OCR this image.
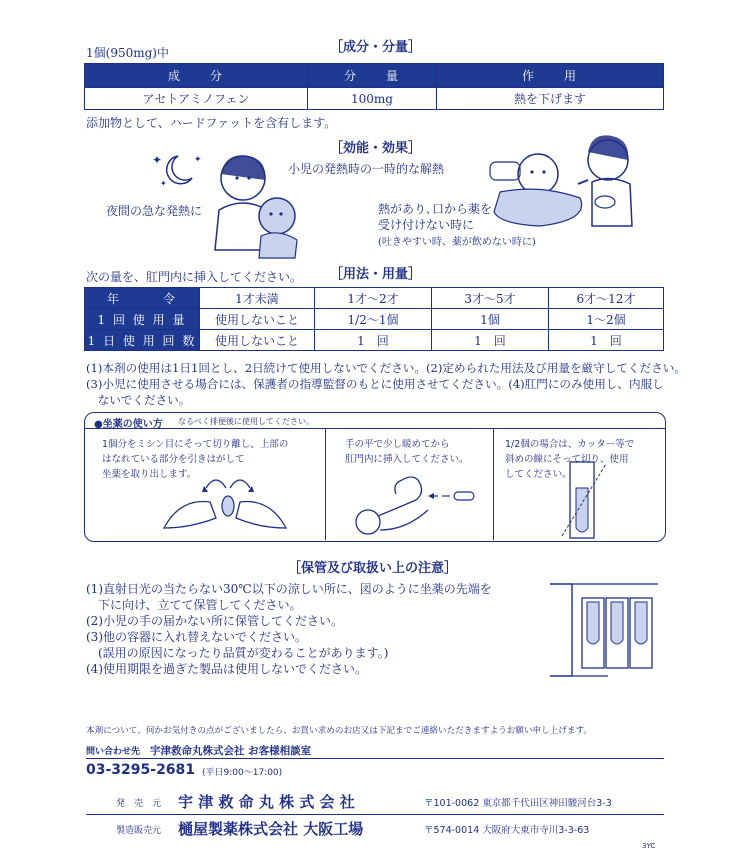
［成分・分量］
1個(950mg)中
成　　分	分　　量	作　　用
アセトアミノフェン	100mg	熱を下げます
添加物として、ハードファットを含有します。
［効能・効果］
小児の発熱時の一時的な解熱
✦	✦
✦
夜間の急な発熱に	熱があり､口から薬を
受け付けない時に
(吐きやすい時、薬が飲めない時に)
［用法・用量］
次の量を、肛門内に挿入してください。
年　　　令	1才未満	1才〜2才	3才〜5才	6才〜12才
1 回 使 用 量	使用しないこと	1/2〜1個	1個	1〜2個
1 日 使 用 回 数	使用しないこと	1　回	1　回	1　回
(1)本剤の使用は1日1回とし、2日続けて使用しないでください。(2)定められた用法及び用量を厳守してください。
(3)小児に使用させる場合には、保護者の指導監督のもとに使用させてください。(4)肛門にのみ使用し、内服し
　ないでください。
●坐薬の使い方 なるべく排便後に使用してください。
1個分をミシン目にそって切り離し、上部の
はなれている部分を引きはがして
坐薬を取り出します。
手の平で少し暖めてから
肛門内に挿入してください。
1/2個の場合は、カッター等で
斜めの線にそって切り、使用
してください。
［保管及び取扱い上の注意］
(1)直射日光の当たらない30℃以下の涼しい所に、図のように坐薬の先端を
　下に向け、立てて保管してください。
(2)小児の手の届かない所に保管してください。
(3)他の容器に入れ替えないでください。
　(誤用の原因になったり品質が変わることがあります。)
(4)使用期限を過ぎた製品は使用しないでください。
本剤について、何かお気付きの点がございましたら、お買い求めのお店又は下記までご連絡いただきますようお願い申し上げます。
問い合わせ先 宇津救命丸株式会社 お客様相談室
03-3295-2681 (平日9:00〜17:00)
発　売　元 宇 津 救 命 丸 株 式 会 社	〒101-0062 東京都千代田区神田駿河台3-3
製造販売元 樋屋製薬株式会社 大阪工場	〒574-0014 大阪府大東市寺川3-3-63
3YC
